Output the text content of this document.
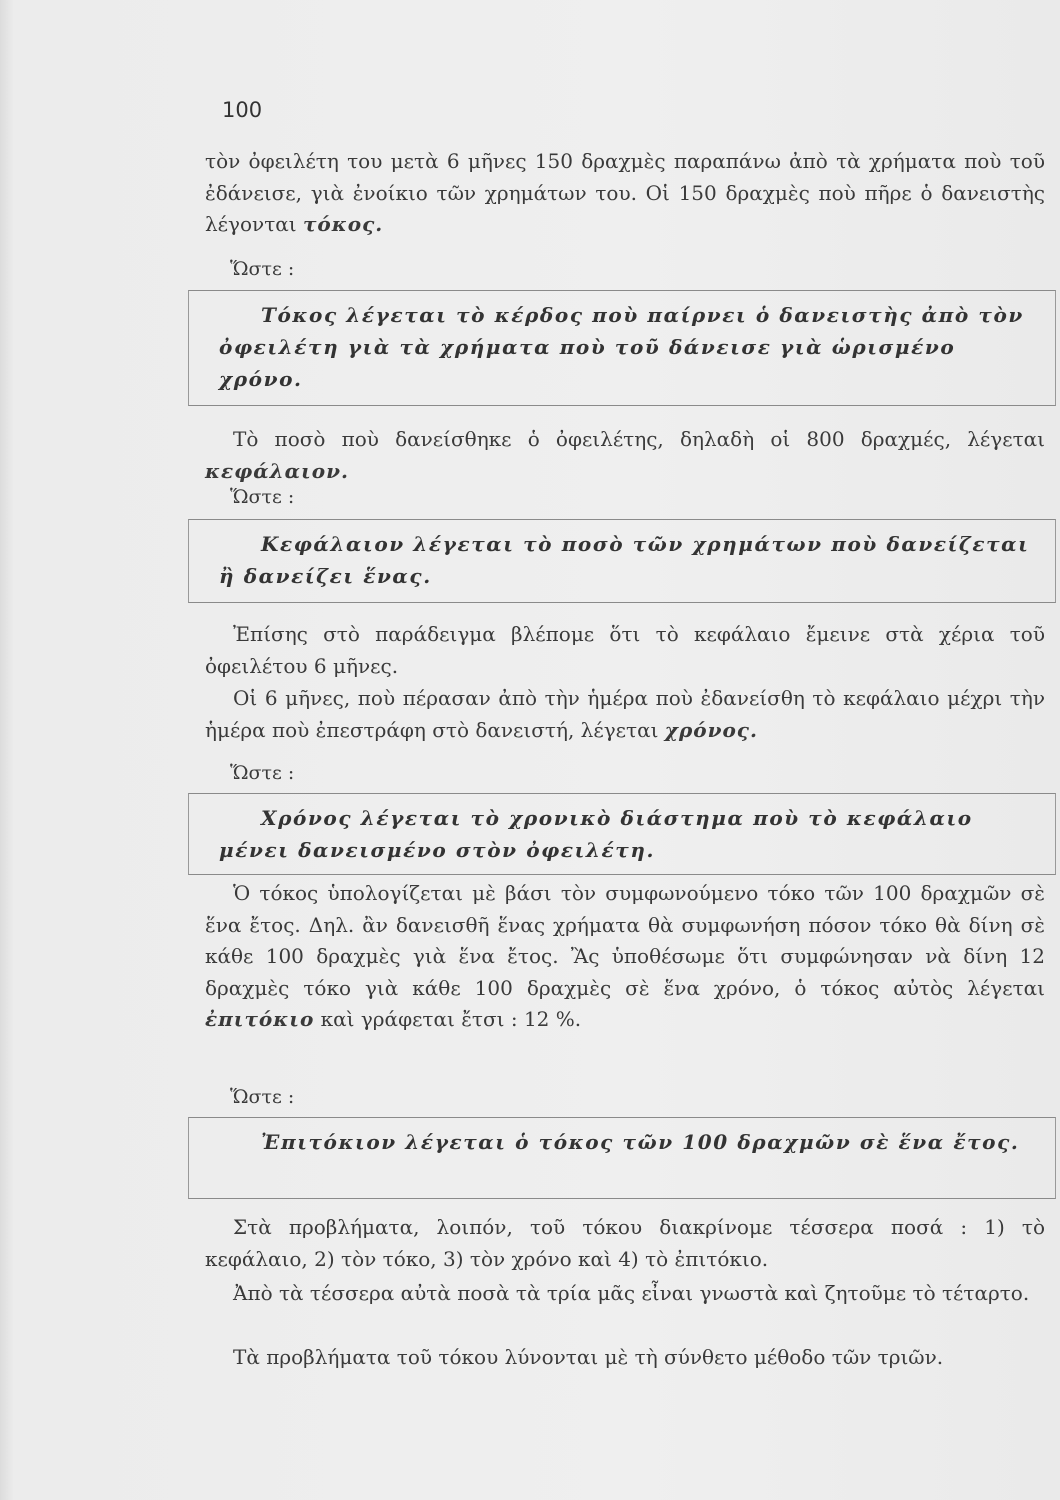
100
τὸν ὀφειλέτη του μετὰ 6 μῆνες 150 δραχμὲς παραπάνω ἀπὸ τὰ χρήματα ποὺ τοῦ ἐδάνεισε, γιὰ ἐνοίκιο τῶν χρημάτων του. Οἱ 150 δραχμὲς ποὺ πῆρε ὁ δανειστὴς λέγονται τόκος.
Ὥστε :
Τόκος λέγεται τὸ κέρδος ποὺ παίρνει ὁ δανειστὴς ἀπὸ τὸν ὀφειλέτη γιὰ τὰ χρήματα ποὺ τοῦ δάνεισε γιὰ ὡρισμένο χρόνο.
Τὸ ποσὸ ποὺ δανείσθηκε ὁ ὀφειλέτης, δηλαδὴ οἱ 800 δραχμές, λέγεται κεφάλαιον.
Ὥστε :
Κεφάλαιον λέγεται τὸ ποσὸ τῶν χρημάτων ποὺ δανείζεται ἢ δανείζει ἕνας.
Ἐπίσης στὸ παράδειγμα βλέπομε ὅτι τὸ κεφάλαιο ἔμεινε στὰ χέρια τοῦ ὀφειλέτου 6 μῆνες.
Οἱ 6 μῆνες, ποὺ πέρασαν ἀπὸ τὴν ἡμέρα ποὺ ἐδανείσθη τὸ κεφάλαιο μέχρι τὴν ἡμέρα ποὺ ἐπεστράφη στὸ δανειστή, λέγεται χρόνος.
Ὥστε :
Χρόνος λέγεται τὸ χρονικὸ διάστημα ποὺ τὸ κεφάλαιο μένει δανεισμένο στὸν ὀφειλέτη.
Ὁ τόκος ὑπολογίζεται μὲ βάσι τὸν συμφωνούμενο τόκο τῶν 100 δραχμῶν σὲ ἕνα ἔτος. Δηλ. ἂν δανεισθῆ ἕνας χρήματα θὰ συμφωνήση πόσον τόκο θὰ δίνη σὲ κάθε 100 δραχμὲς γιὰ ἕνα ἔτος. Ἂς ὑποθέσωμε ὅτι συμφώνησαν νὰ δίνη 12 δραχμὲς τόκο γιὰ κάθε 100 δραχμὲς σὲ ἕνα χρόνο, ὁ τόκος αὐτὸς λέγεται ἐπιτόκιο καὶ γράφεται ἔτσι : 12 %.
Ὥστε :
Ἐπιτόκιον λέγεται ὁ τόκος τῶν 100 δραχμῶν σὲ ἕνα ἔτος.
Στὰ προβλήματα, λοιπόν, τοῦ τόκου διακρίνομε τέσσερα ποσά : 1) τὸ κεφάλαιο, 2) τὸν τόκο, 3) τὸν χρόνο καὶ 4) τὸ ἐπιτόκιο.
Ἀπὸ τὰ τέσσερα αὐτὰ ποσὰ τὰ τρία μᾶς εἶναι γνωστὰ καὶ ζητοῦμε τὸ τέταρτο.
Τὰ προβλήματα τοῦ τόκου λύνονται μὲ τὴ σύνθετο μέθοδο τῶν τριῶν.
